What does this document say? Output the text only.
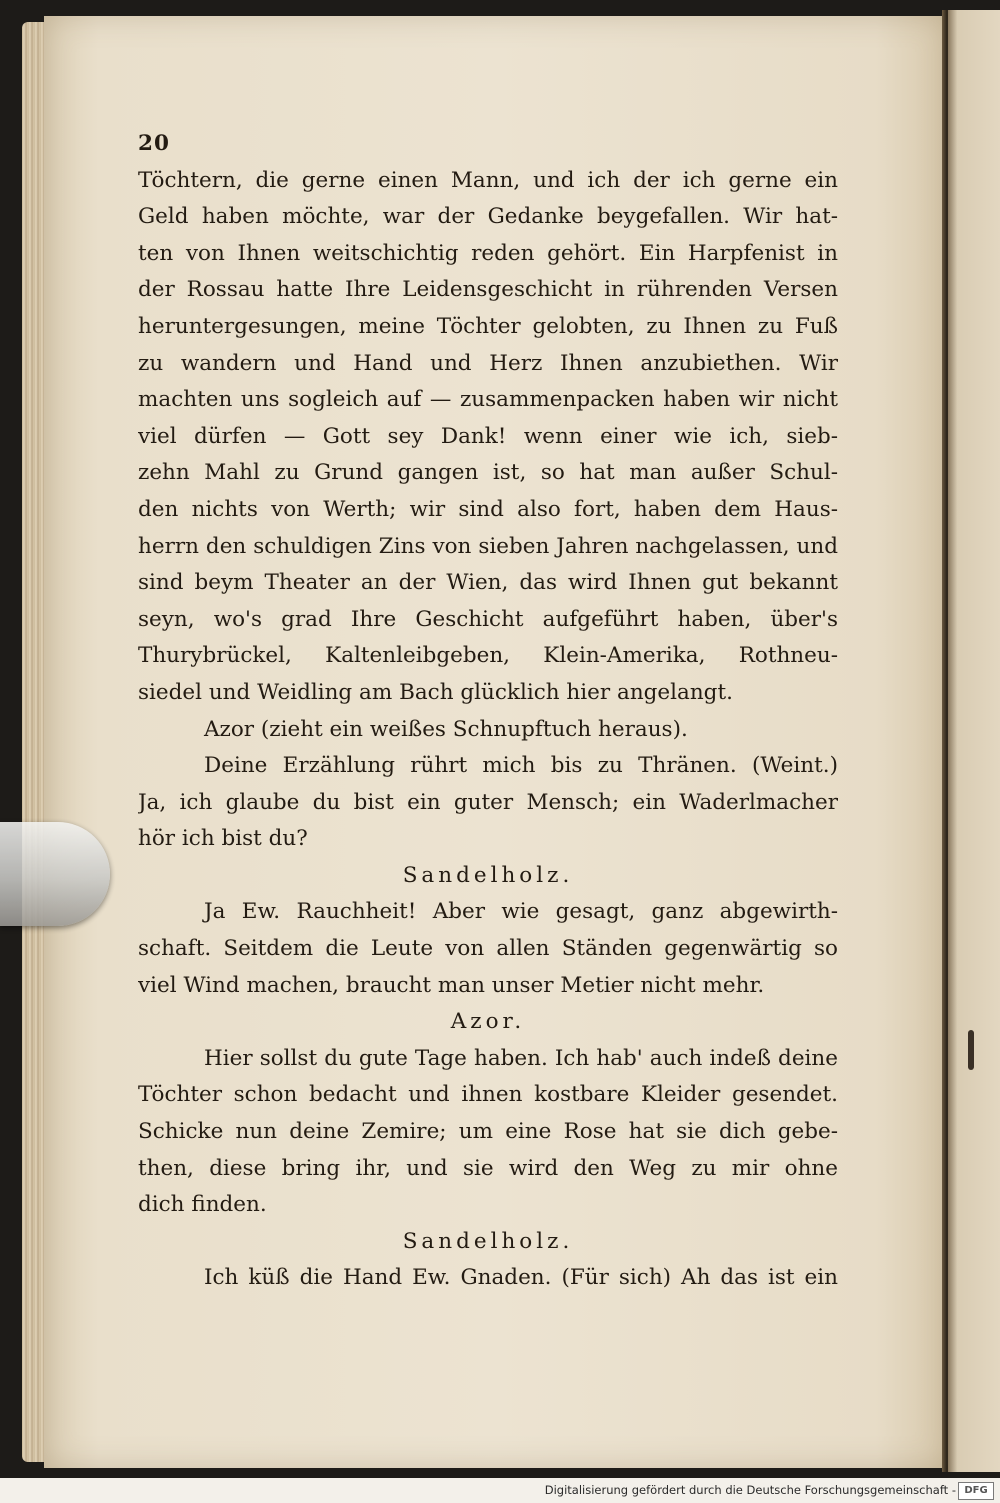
20
Töchtern, die gerne einen Mann, und ich der ich gerne ein
Geld haben möchte, war der Gedanke beygefallen. Wir hat-
ten von Ihnen weitschichtig reden gehört. Ein Harpfenist in
der Rossau hatte Ihre Leidensgeschicht in rührenden Versen
heruntergesungen, meine Töchter gelobten, zu Ihnen zu Fuß
zu wandern und Hand und Herz Ihnen anzubiethen. Wir
machten uns sogleich auf — zusammenpacken haben wir nicht
viel dürfen — Gott sey Dank! wenn einer wie ich, sieb-
zehn Mahl zu Grund gangen ist, so hat man außer Schul-
den nichts von Werth; wir sind also fort, haben dem Haus-
herrn den schuldigen Zins von sieben Jahren nachgelassen, und
sind beym Theater an der Wien, das wird Ihnen gut bekannt
seyn, wo's grad Ihre Geschicht aufgeführt haben, über's
Thurybrückel, Kaltenleibgeben, Klein-Amerika, Rothneu-
siedel und Weidling am Bach glücklich hier angelangt.
Azor (zieht ein weißes Schnupftuch heraus).
Deine Erzählung rührt mich bis zu Thränen. (Weint.)
Ja, ich glaube du bist ein guter Mensch; ein Waderlmacher
hör ich bist du?
Sandelholz.
Ja Ew. Rauchheit! Aber wie gesagt, ganz abgewirth-
schaft. Seitdem die Leute von allen Ständen gegenwärtig so
viel Wind machen, braucht man unser Metier nicht mehr.
Azor.
Hier sollst du gute Tage haben. Ich hab' auch indeß deine
Töchter schon bedacht und ihnen kostbare Kleider gesendet.
Schicke nun deine Zemire; um eine Rose hat sie dich gebe-
then, diese bring ihr, und sie wird den Weg zu mir ohne
dich finden.
Sandelholz.
Ich küß die Hand Ew. Gnaden. (Für sich) Ah das ist ein
Digitalisierung gefördert durch die Deutsche Forschungsgemeinschaft - DFG
